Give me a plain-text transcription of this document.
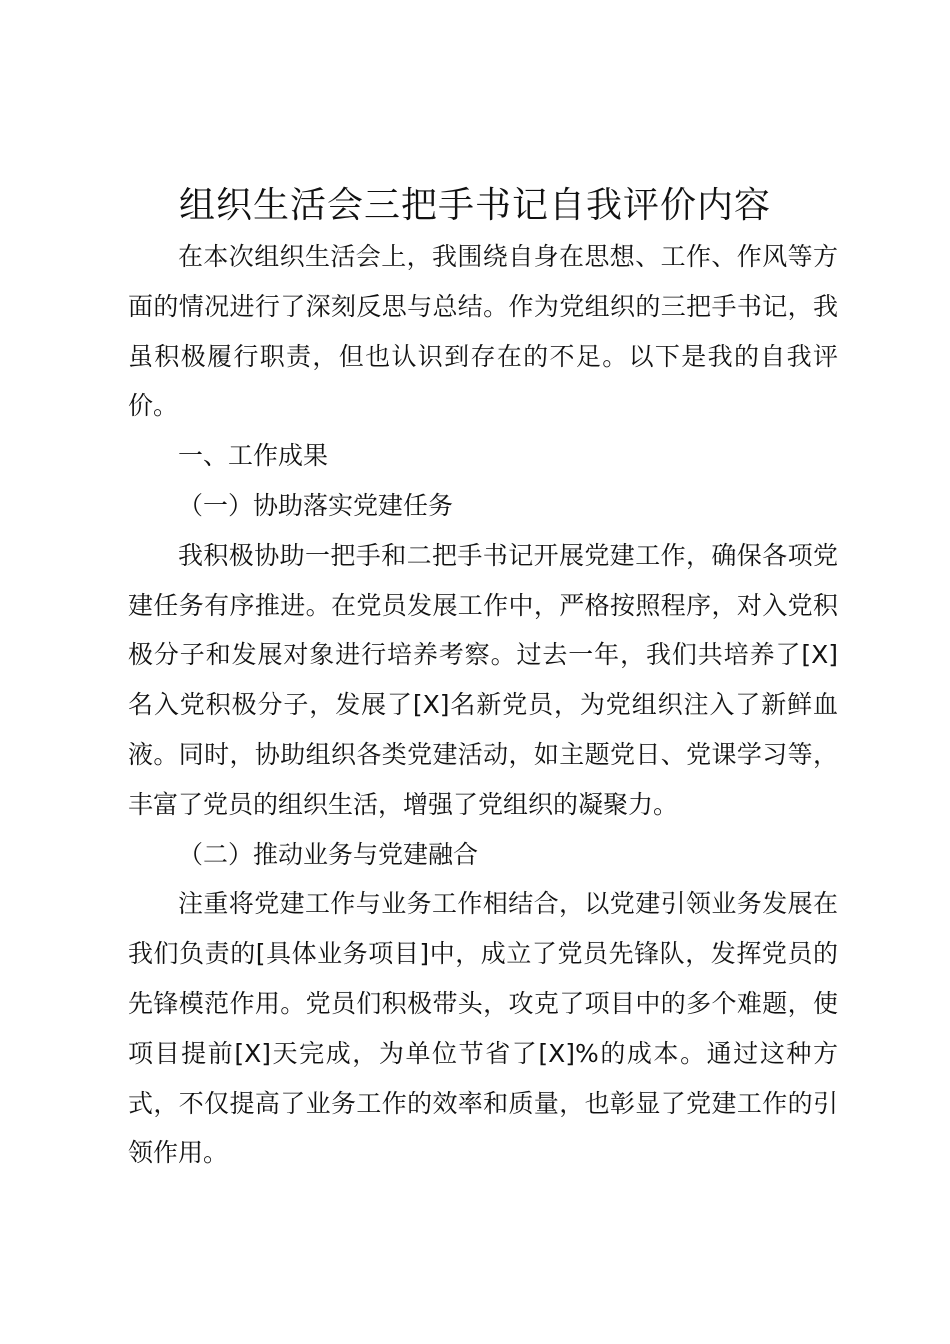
组织生活会三把手书记自我评价内容

在本次组织生活会上，我围绕自身在思想、工作、作风等方面的情况进行了深刻反思与总结。作为党组织的三把手书记，我虽积极履行职责，但也认识到存在的不足。以下是我的自我评价。

一、工作成果

（一）协助落实党建任务

我积极协助一把手和二把手书记开展党建工作，确保各项党建任务有序推进。在党员发展工作中，严格按照程序，对入党积极分子和发展对象进行培养考察。过去一年，我们共培养了[X]名入党积极分子，发展了[X]名新党员，为党组织注入了新鲜血液。同时，协助组织各类党建活动，如主题党日、党课学习等，丰富了党员的组织生活，增强了党组织的凝聚力。

（二）推动业务与党建融合

注重将党建工作与业务工作相结合，以党建引领业务发展在我们负责的[具体业务项目]中，成立了党员先锋队，发挥党员的先锋模范作用。党员们积极带头，攻克了项目中的多个难题，使项目提前[X]天完成，为单位节省了[X]%的成本。通过这种方式，不仅提高了业务工作的效率和质量，也彰显了党建工作的引领作用。
